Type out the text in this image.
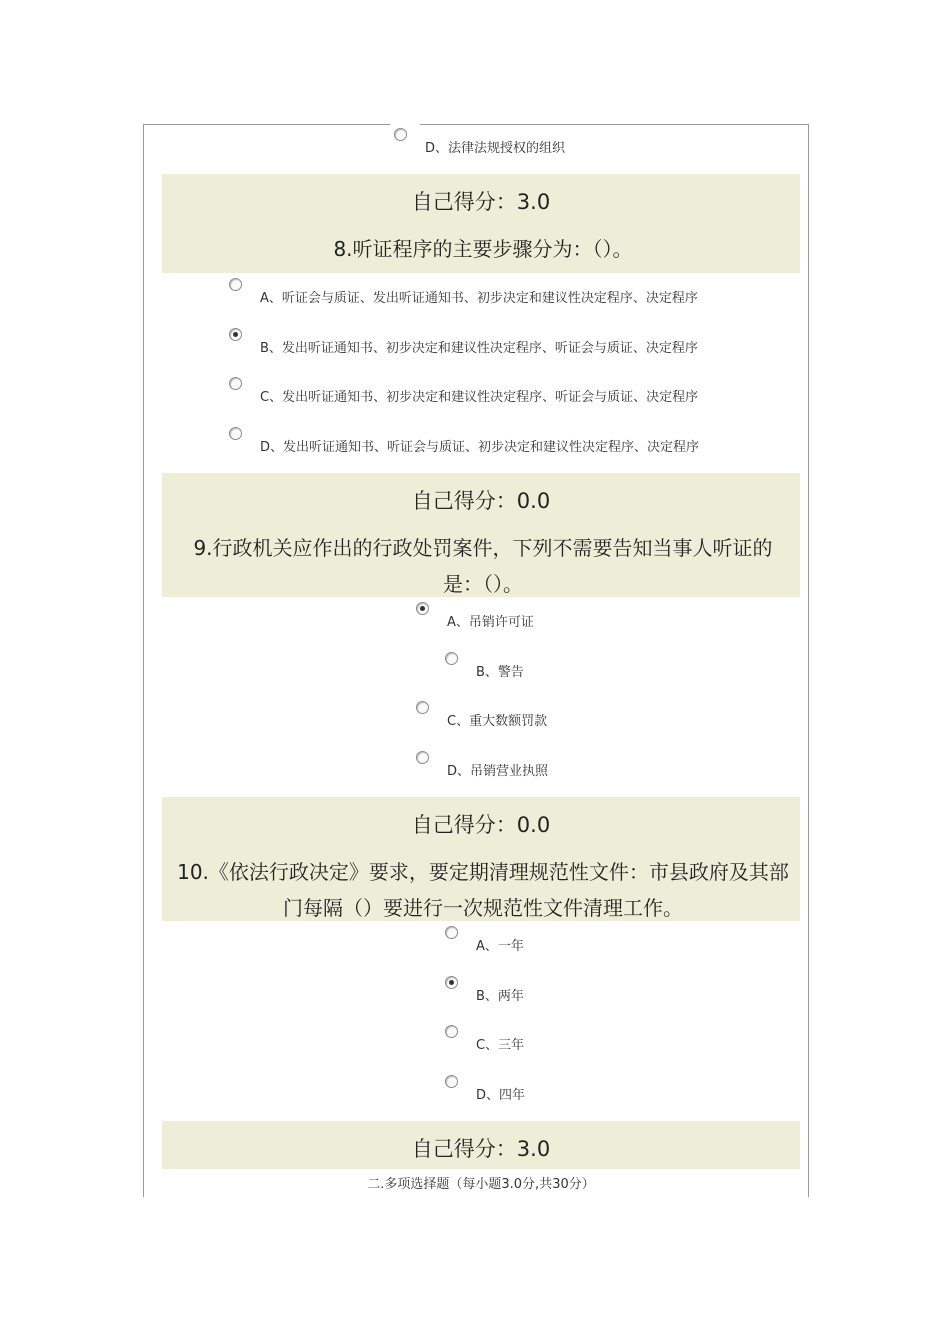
D、法律法规授权的组织
自己得分：3.0
8.听证程序的主要步骤分为：（）。
A、听证会与质证、发出听证通知书、初步决定和建议性决定程序、决定程序
B、发出听证通知书、初步决定和建议性决定程序、听证会与质证、决定程序
C、发出听证通知书、初步决定和建议性决定程序、听证会与质证、决定程序
D、发出听证通知书、听证会与质证、初步决定和建议性决定程序、决定程序
自己得分：0.0
9.行政机关应作出的行政处罚案件，下列不需要告知当事人听证的
是：（）。
A、吊销许可证
B、警告
C、重大数额罚款
D、吊销营业执照
自己得分：0.0
10.《依法行政决定》要求，要定期清理规范性文件：市县政府及其部
门每隔（）要进行一次规范性文件清理工作。
A、一年
B、两年
C、三年
D、四年
自己得分：3.0
二.多项选择题（每小题3.0分,共30分）
